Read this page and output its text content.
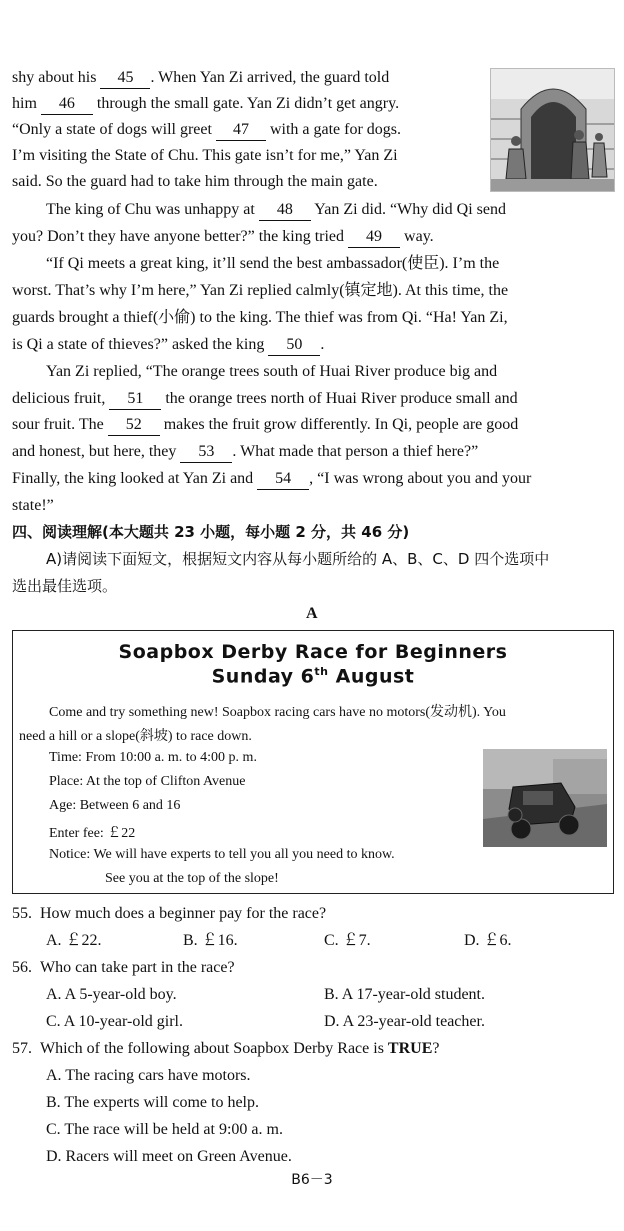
shy about his 45 . When Yan Zi arrived, the guard told
him 46 through the small gate. Yan Zi didn’t get angry.
“Only a state of dogs will greet 47 with a gate for dogs.
I’m visiting the State of Chu. This gate isn’t for me,” Yan Zi
said. So the guard had to take him through the main gate.
The king of Chu was unhappy at 48 Yan Zi did. “Why did Qi send
you? Don’t they have anyone better?” the king tried 49 way.
“If Qi meets a great king, it’ll send the best ambassador(使臣). I’m the
worst. That’s why I’m here,” Yan Zi replied calmly(镇定地). At this time, the
guards brought a thief(小偷) to the king. The thief was from Qi. “Ha! Yan Zi,
is Qi a state of thieves?” asked the king 50 .
Yan Zi replied, “The orange trees south of Huai River produce big and
delicious fruit, 51 the orange trees north of Huai River produce small and
sour fruit. The 52 makes the fruit grow differently. In Qi, people are good
and honest, but here, they 53 . What made that person a thief here?”
Finally, the king looked at Yan Zi and 54 , “I was wrong about you and your
state!”
四、阅读理解(本大题共 23 小题，每小题 2 分，共 46 分)
A)请阅读下面短文，根据短文内容从每小题所给的 A、B、C、D 四个选项中
选出最佳选项。
A
Soapbox Derby Race for Beginners
Sunday 6th August
Come and try something new! Soapbox racing cars have no motors(发动机). You
need a hill or a slope(斜坡) to race down.
Time: From 10:00 a. m. to 4:00 p. m.
Place: At the top of Clifton Avenue
Age: Between 6 and 16
Enter fee: ￡22
Notice: We will have experts to tell you all you need to know.
See you at the top of the slope!
55. How much does a beginner pay for the race?
A. ￡22.	B. ￡16.	C. ￡7.	D. ￡6.
56. Who can take part in the race?
A. A 5-year-old boy.	B. A 17-year-old student.
C. A 10-year-old girl.	D. A 23-year-old teacher.
57. Which of the following about Soapbox Derby Race is TRUE?
A. The racing cars have motors.
B. The experts will come to help.
C. The race will be held at 9:00 a. m.
D. Racers will meet on Green Avenue.
B6－3
